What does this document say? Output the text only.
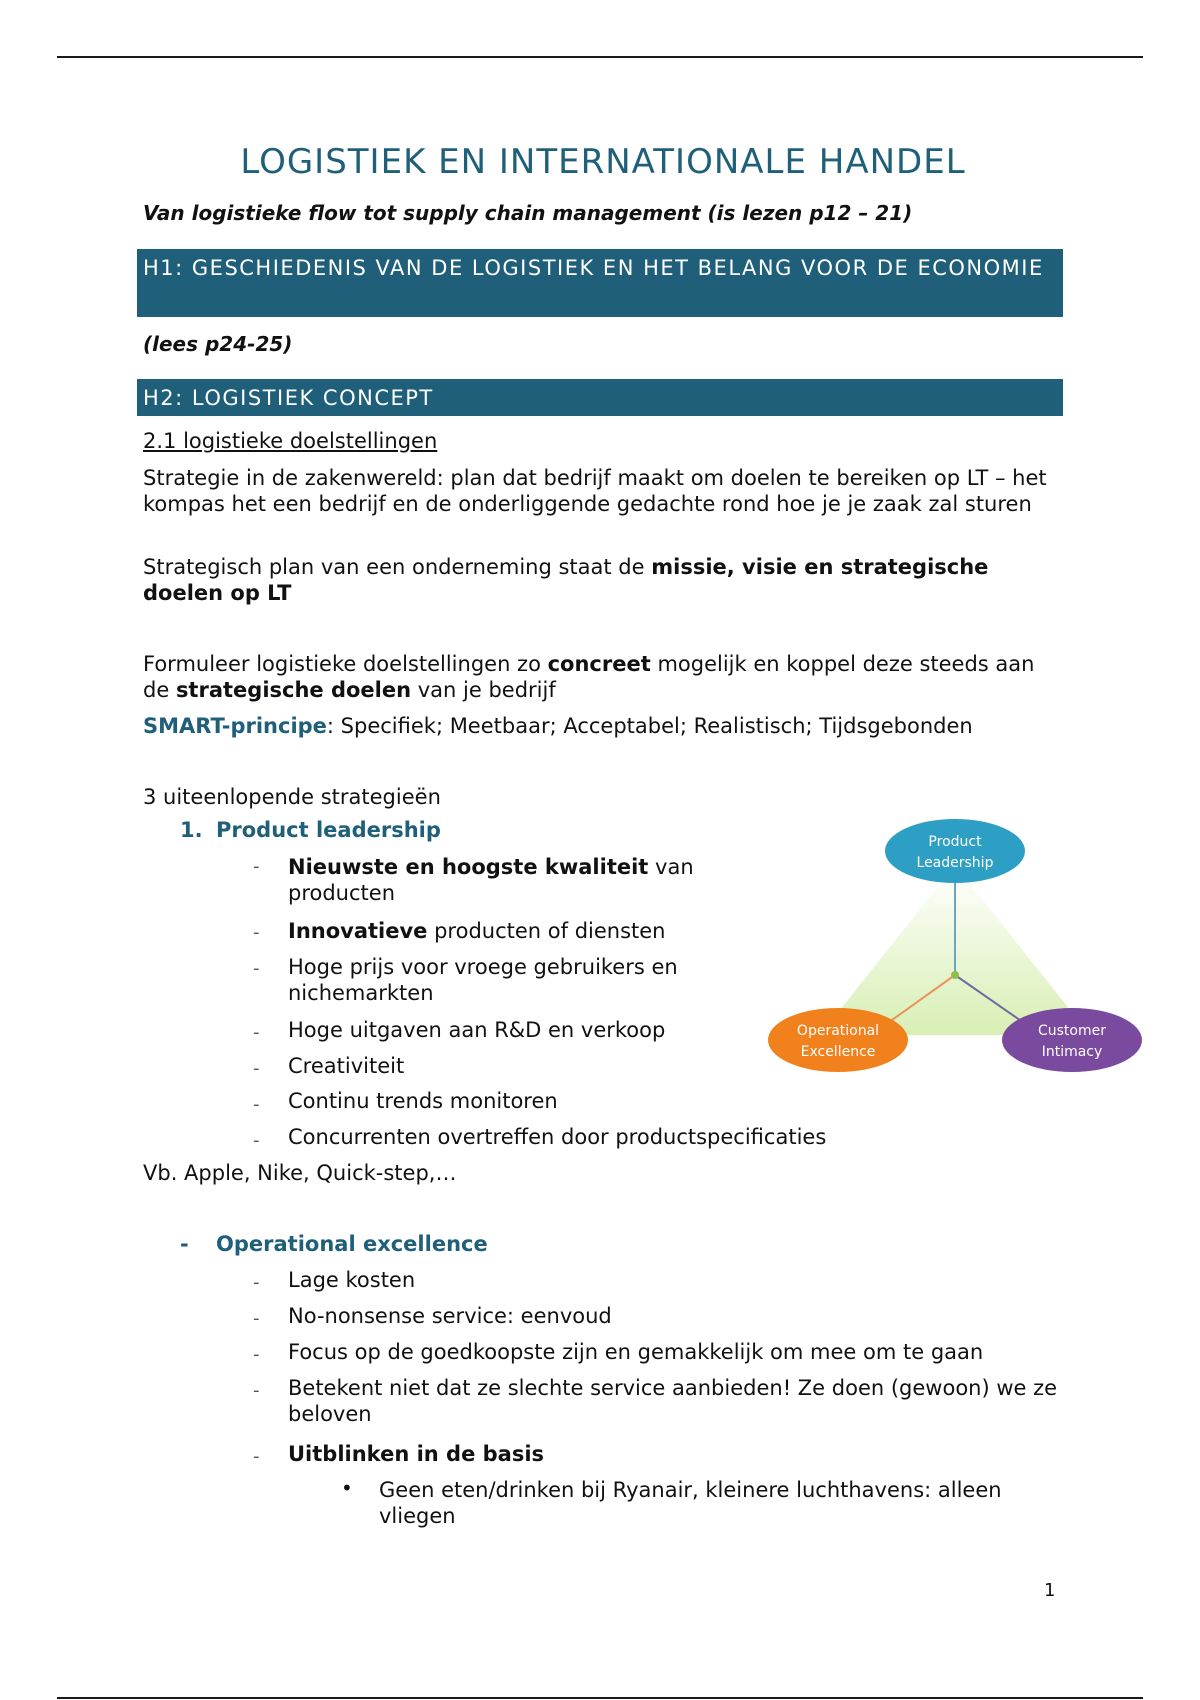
LOGISTIEK EN INTERNATIONALE HANDEL
Van logistieke flow tot supply chain management (is lezen p12 – 21)
H1: GESCHIEDENIS VAN DE LOGISTIEK EN HET BELANG VOOR DE ECONOMIE
(lees p24-25)
H2: LOGISTIEK CONCEPT
2.1 logistieke doelstellingen
Strategie in de zakenwereld: plan dat bedrijf maakt om doelen te bereiken op LT – het kompas het een bedrijf en de onderliggende gedachte rond hoe je je zaak zal sturen
Strategisch plan van een onderneming staat de missie, visie en strategische doelen op LT
Formuleer logistieke doelstellingen zo concreet mogelijk en koppel deze steeds aan de strategische doelen van je bedrijf
SMART-principe: Specifiek; Meetbaar; Acceptabel; Realistisch; Tijdsgebonden
3 uiteenlopende strategieën
1. Product leadership
- Nieuwste en hoogste kwaliteit van producten
- Innovatieve producten of diensten
- Hoge prijs voor vroege gebruikers en nichemarkten
- Hoge uitgaven aan R&D en verkoop
- Creativiteit
- Continu trends monitoren
- Concurrenten overtreffen door productspecificaties
Vb. Apple, Nike, Quick-step,…
- Operational excellence
- Lage kosten
- No-nonsense service: eenvoud
- Focus op de goedkoopste zijn en gemakkelijk om mee om te gaan
- Betekent niet dat ze slechte service aanbieden! Ze doen (gewoon) we ze beloven
- Uitblinken in de basis
• Geen eten/drinken bij Ryanair, kleinere luchthavens: alleen vliegen
Product
Leadership
Operational
Excellence
Customer
Intimacy
1
